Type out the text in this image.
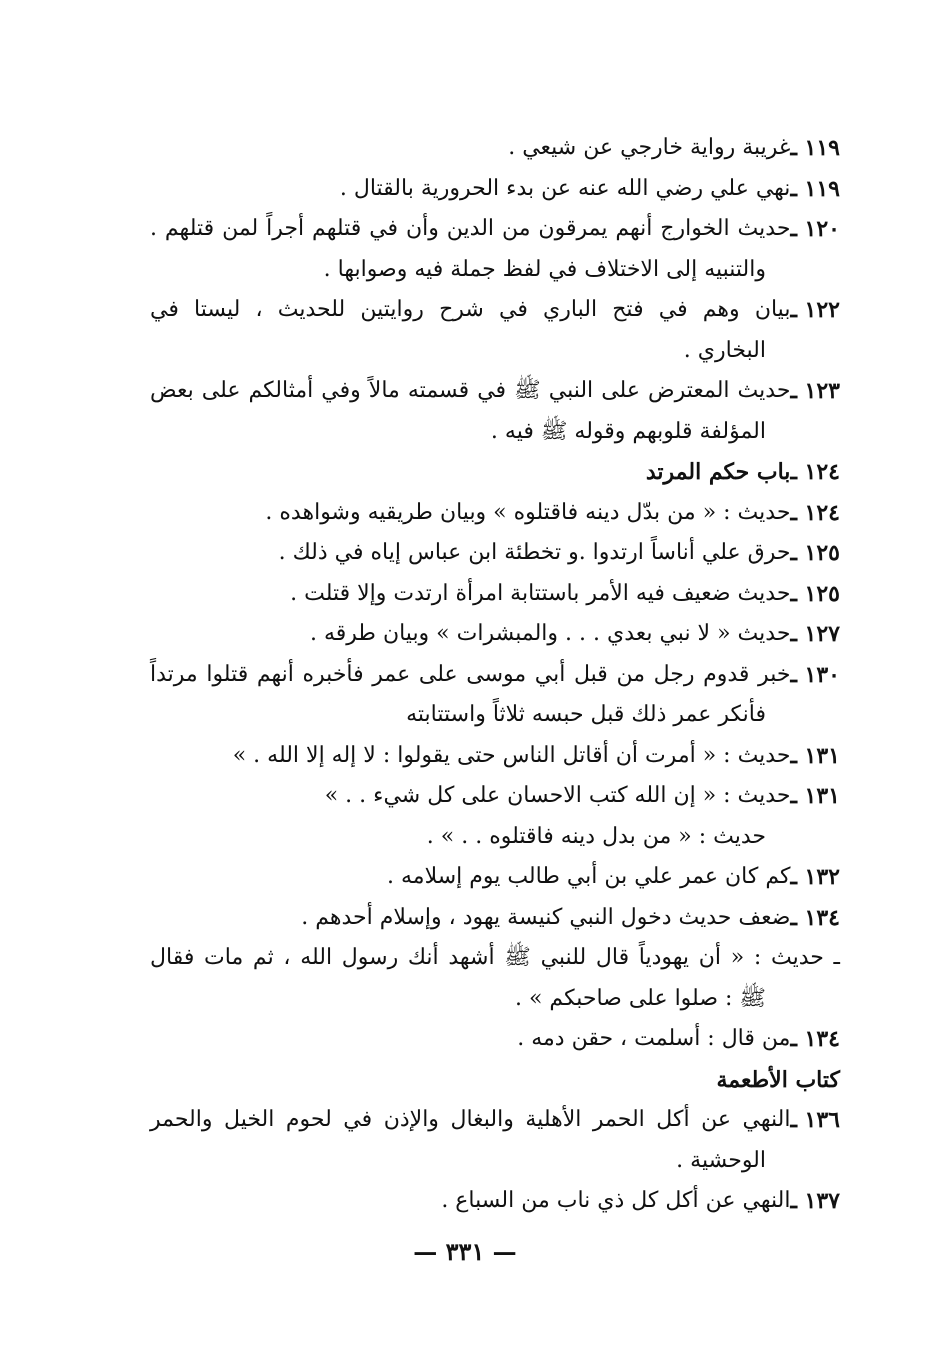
١١٩ ـ
غريبة رواية خارجي عن شيعي .
١١٩ ـ
نهي علي رضي الله عنه عن بدء الحرورية بالقتال .
١٢٠ ـ
حديث الخوارج أنهم يمرقون من الدين وأن في قتلهم أجراً لمن قتلهم .
والتنبيه إلى الاختلاف في لفظ جملة فيه وصوابها .
١٢٢ ـ
بيان وهم في فتح الباري في شرح روايتين للحديث ، ليستا في
البخاري .
١٢٣ ـ
حديث المعترض على النبي ﷺ في قسمته مالاً وفي أمثالكم على بعض
المؤلفة قلوبهم وقوله ﷺ فيه .
١٢٤ ـ
باب حكم المرتد
١٢٤ ـ
حديث : « من بدّل دينه فاقتلوه » وبيان طريقيه وشواهده .
١٢٥ ـ
حرق علي أناساً ارتدوا .و تخطئة ابن عباس إياه في ذلك .
١٢٥ ـ
حديث ضعيف فيه الأمر باستتابة امرأة ارتدت وإلا قتلت .
١٢٧ ـ
حديث « لا نبي بعدي . . . والمبشرات » وبيان طرقه .
١٣٠ ـ
خبر قدوم رجل من قبل أبي موسى على عمر فأخبره أنهم قتلوا مرتداً
فأنكر عمر ذلك قبل حبسه ثلاثاً واستتابته
١٣١ ـ
حديث : « أمرت أن أقاتل الناس حتى يقولوا : لا إله إلا الله . »
١٣١ ـ
حديث : « إن الله كتب الاحسان على كل شيء . . »
حديث : « من بدل دينه فاقتلوه . . » .
١٣٢ ـ
كم كان عمر علي بن أبي طالب يوم إسلامه .
١٣٤ ـ
ضعف حديث دخول النبي كنيسة يهود ، وإسلام أحدهم .
ـ حديث : « أن يهودياً قال للنبي ﷺ أشهد أنك رسول الله ، ثم مات فقال
ﷺ : صلوا على صاحبكم » .
١٣٤ ـ
من قال : أسلمت ، حقن دمه .
كتاب الأطعمة
١٣٦ ـ
النهي عن أكل الحمر الأهلية والبغال والإذن في لحوم الخيل والحمر
الوحشية .
١٣٧ ـ
النهي عن أكل كل ذي ناب من السباع .
— ٣٣١ —
